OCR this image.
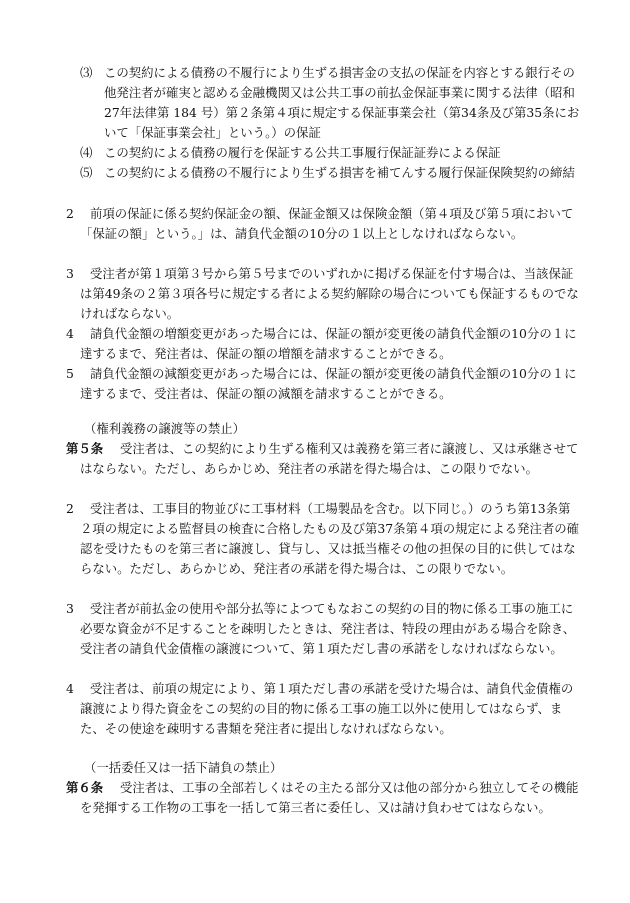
⑶ この契約による債務の不履行により生ずる損害金の支払の保証を内容とする銀行その他発注者が確実と認める金融機関又は公共工事の前払金保証事業に関する法律（昭和27年法律第 184 号）第２条第４項に規定する保証事業会社（第34条及び第35条において「保証事業会社」という。）の保証

⑷ この契約による債務の履行を保証する公共工事履行保証証券による保証

⑸ この契約による債務の不履行により生ずる損害を補てんする履行保証保険契約の締結

2	前項の保証に係る契約保証金の額、保証金額又は保険金額（第４項及び第５項において「保証の額」という。」は、請負代金額の10分の１以上としなければならない。

3	受注者が第１項第３号から第５号までのいずれかに掲げる保証を付す場合は、当該保証は第49条の２第３項各号に規定する者による契約解除の場合についても保証するものでなければならない。

4	請負代金額の増額変更があった場合には、保証の額が変更後の請負代金額の10分の１に達するまで、発注者は、保証の額の増額を請求することができる。

5	請負代金額の減額変更があった場合には、保証の額が変更後の請負代金額の10分の１に達するまで、受注者は、保証の額の減額を請求することができる。

（権利義務の譲渡等の禁止）
第５条	受注者は、この契約により生ずる権利又は義務を第三者に譲渡し、又は承継させてはならない。ただし、あらかじめ、発注者の承諾を得た場合は、この限りでない。

2	受注者は、工事目的物並びに工事材料（工場製品を含む。以下同じ。）のうち第13条第２項の規定による監督員の検査に合格したもの及び第37条第４項の規定による発注者の確認を受けたものを第三者に譲渡し、貸与し、又は抵当権その他の担保の目的に供してはならない。ただし、あらかじめ、発注者の承諾を得た場合は、この限りでない。

3	受注者が前払金の使用や部分払等によつてもなおこの契約の目的物に係る工事の施工に必要な資金が不足することを疎明したときは、発注者は、特段の理由がある場合を除き、受注者の請負代金債権の譲渡について、第１項ただし書の承諾をしなければならない。

4	受注者は、前項の規定により、第１項ただし書の承諾を受けた場合は、請負代金債権の譲渡により得た資金をこの契約の目的物に係る工事の施工以外に使用してはならず、また、その使途を疎明する書類を発注者に提出しなければならない。

（一括委任又は一括下請負の禁止）
第６条	受注者は、工事の全部若しくはその主たる部分又は他の部分から独立してその機能を発揮する工作物の工事を一括して第三者に委任し、又は請け負わせてはならない。
